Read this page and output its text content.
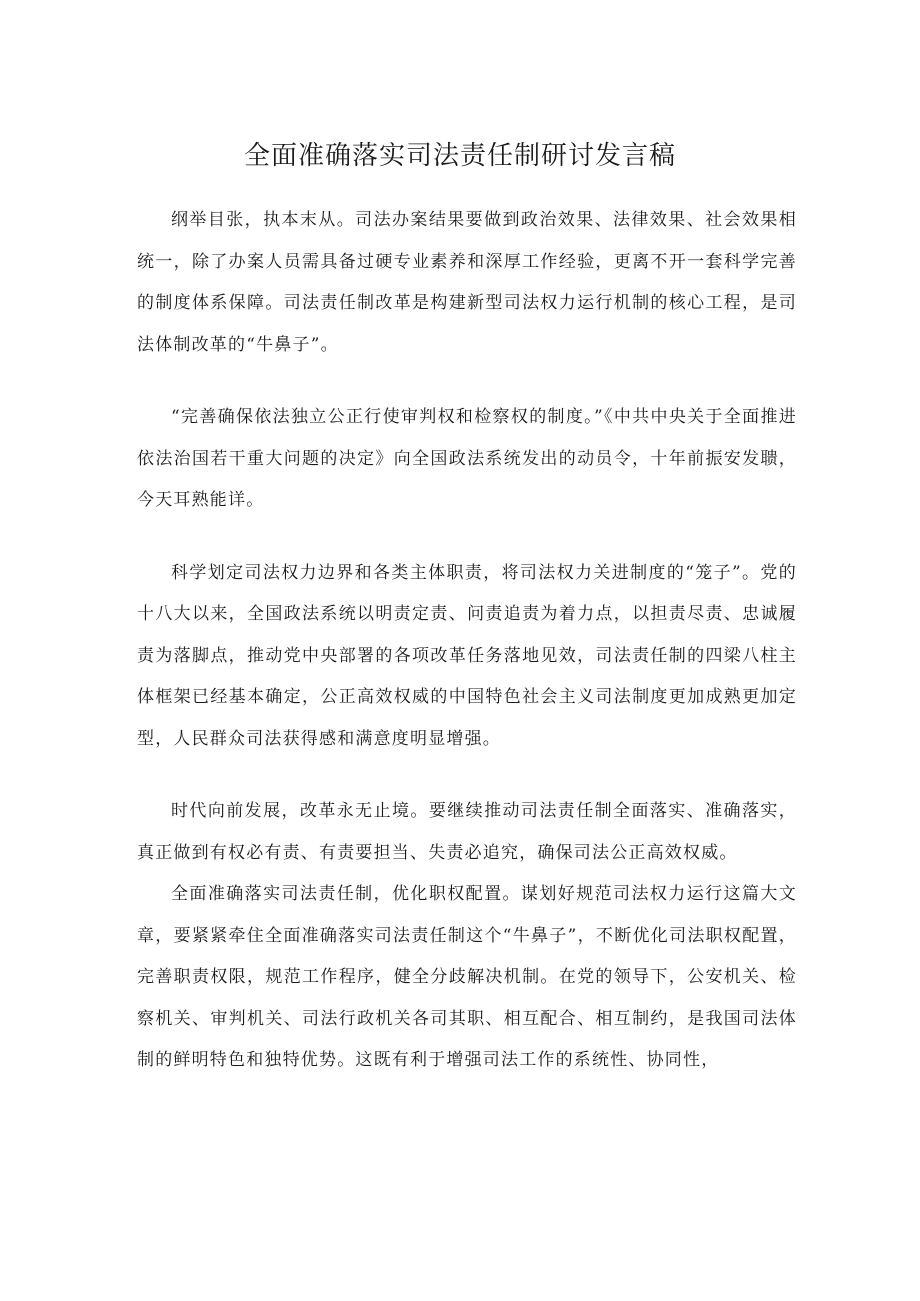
全面准确落实司法责任制研讨发言稿

纲举目张，执本末从。司法办案结果要做到政治效果、法律效果、社会效果相统一，除了办案人员需具备过硬专业素养和深厚工作经验，更离不开一套科学完善的制度体系保障。司法责任制改革是构建新型司法权力运行机制的核心工程，是司法体制改革的“牛鼻子”。

“完善确保依法独立公正行使审判权和检察权的制度。”《中共中央关于全面推进依法治国若干重大问题的决定》向全国政法系统发出的动员令，十年前振安发聩，今天耳熟能详。

科学划定司法权力边界和各类主体职责，将司法权力关进制度的“笼子”。党的十八大以来，全国政法系统以明责定责、问责追责为着力点，以担责尽责、忠诚履责为落脚点，推动党中央部署的各项改革任务落地见效，司法责任制的四梁八柱主体框架已经基本确定，公正高效权威的中国特色社会主义司法制度更加成熟更加定型，人民群众司法获得感和满意度明显增强。

时代向前发展，改革永无止境。要继续推动司法责任制全面落实、准确落实，真正做到有权必有责、有责要担当、失责必追究，确保司法公正高效权威。

全面准确落实司法责任制，优化职权配置。谋划好规范司法权力运行这篇大文章，要紧紧牵住全面准确落实司法责任制这个“牛鼻子”，不断优化司法职权配置，完善职责权限，规范工作程序，健全分歧解决机制。在党的领导下，公安机关、检察机关、审判机关、司法行政机关各司其职、相互配合、相互制约，是我国司法体制的鲜明特色和独特优势。这既有利于增强司法工作的系统性、协同性，
